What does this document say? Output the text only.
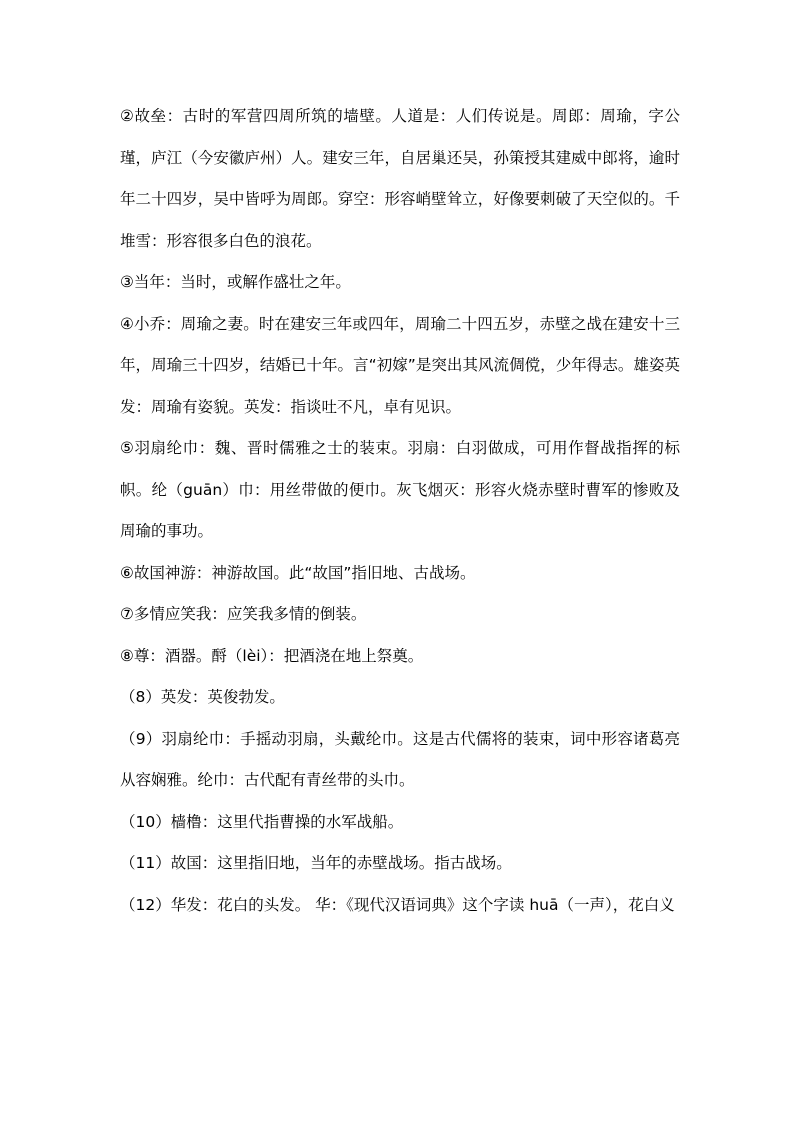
②故垒：古时的军营四周所筑的墙壁。人道是：人们传说是。周郎：周瑜，字公瑾，庐江（今安徽庐州）人。建安三年，自居巢还吴，孙策授其建威中郎将，逾时年二十四岁，吴中皆呼为周郎。穿空：形容峭壁耸立，好像要刺破了天空似的。千堆雪：形容很多白色的浪花。

③当年：当时，或解作盛壮之年。

④小乔：周瑜之妻。时在建安三年或四年，周瑜二十四五岁，赤壁之战在建安十三年，周瑜三十四岁，结婚已十年。言“初嫁”是突出其风流倜傥，少年得志。雄姿英发：周瑜有姿貌。英发：指谈吐不凡，卓有见识。

⑤羽扇纶巾：魏、晋时儒雅之士的装束。羽扇：白羽做成，可用作督战指挥的标帜。纶（guān）巾：用丝带做的便巾。灰飞烟灭：形容火烧赤壁时曹军的惨败及周瑜的事功。

⑥故国神游：神游故国。此“故国”指旧地、古战场。

⑦多情应笑我：应笑我多情的倒装。

⑧尊：酒器。酹（lèi）：把酒浇在地上祭奠。

（8）英发：英俊勃发。

（9）羽扇纶巾：手摇动羽扇，头戴纶巾。这是古代儒将的装束，词中形容诸葛亮从容娴雅。纶巾：古代配有青丝带的头巾。

（10）樯橹：这里代指曹操的水军战船。

（11）故国：这里指旧地，当年的赤壁战场。指古战场。

（12）华发：花白的头发。 华：《现代汉语词典》这个字读 huā（一声），花白义
